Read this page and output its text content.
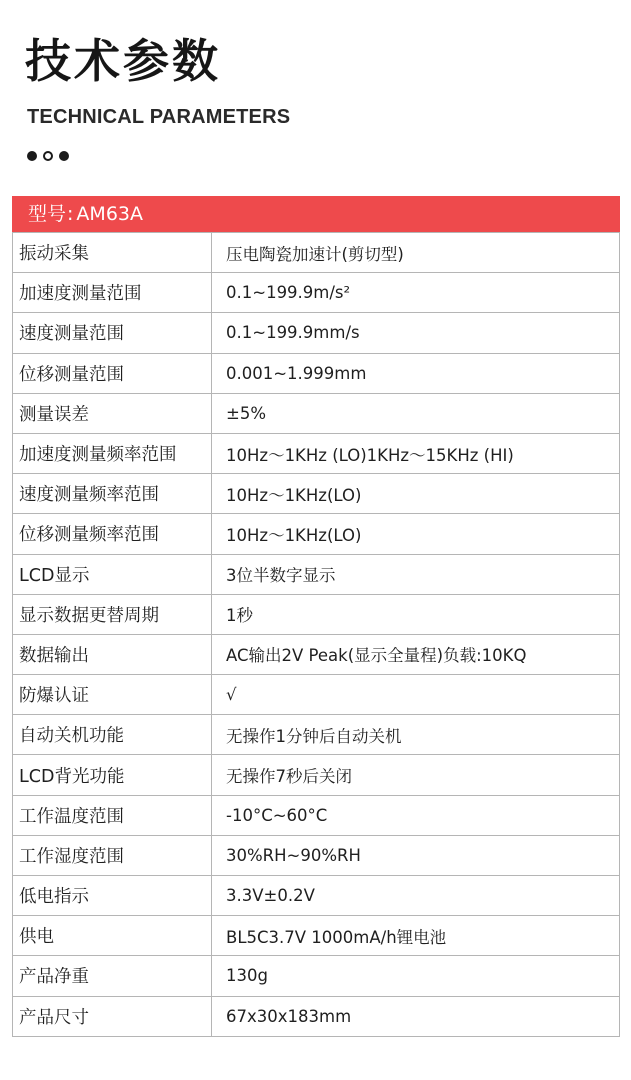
技术参数
TECHNICAL PARAMETERS
型号: AM63A
振动采集	压电陶瓷加速计(剪切型)
加速度测量范围	0.1~199.9m/s²
速度测量范围	0.1~199.9mm/s
位移测量范围	0.001~1.999mm
测量误差	±5%
加速度测量频率范围	10Hz～1KHz (LO)1KHz～15KHz (HI)
速度测量频率范围	10Hz～1KHz(LO)
位移测量频率范围	10Hz～1KHz(LO)
LCD显示	3位半数字显示
显示数据更替周期	1秒
数据输出	AC输出2V Peak(显示全量程)负载:10KQ
防爆认证	√
自动关机功能	无操作1分钟后自动关机
LCD背光功能	无操作7秒后关闭
工作温度范围	-10°C~60°C
工作湿度范围	30%RH~90%RH
低电指示	3.3V±0.2V
供电	BL5C3.7V 1000mA/h锂电池
产品净重	130g
产品尺寸	67x30x183mm
